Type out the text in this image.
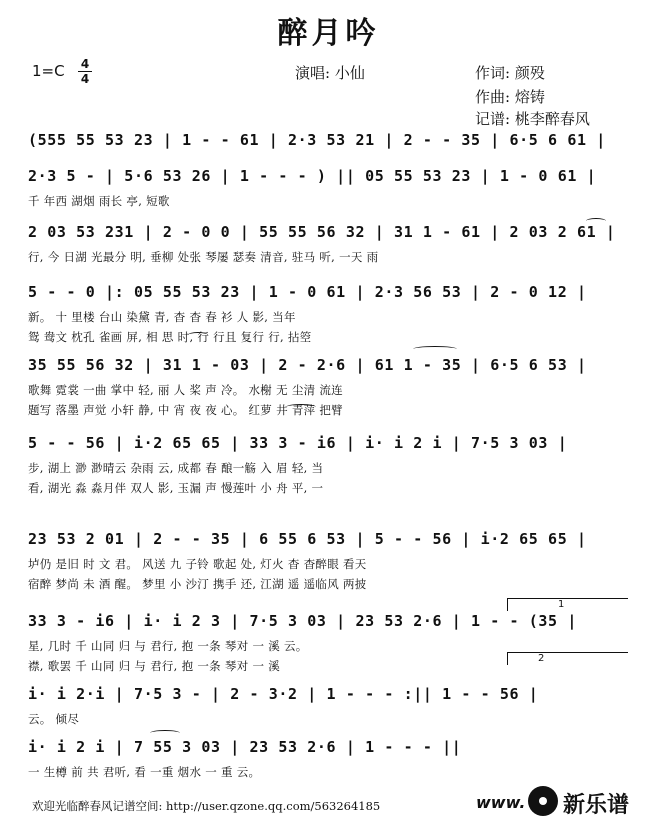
醉月吟
1=C 4
4	演唱: 小仙	作词: 颜殁
作曲: 熔铸
记谱: 桃李醉春风
(555 55 53 23 | 1 - - 61 | 2·3 53 21 | 2 - - 35 | 6·5 6 61 |
2·3 5 - | 5·6 53 26 | 1 - - - ) || 05 55 53 23 | 1 - 0 61 |
千 年西 湖烟 雨长 亭, 短歌
2 03 53 231 | 2 - 0 0 | 55 55 56 32 | 31 1 - 61 | 2 03 2 61 |
行, 今 日湖 光最分 明, 垂柳 处张 琴屡 瑟奏 清音, 驻马 听, 一天 雨
5 - - 0 |: 05 55 53 23 | 1 - 0 61 | 2·3 56 53 | 2 - 0 12 |
新。 十 里楼 台山 染黛 青, 杳 杳 春 衫 人 影, 当年
鸳 鸯文 枕孔 雀画 屏, 相 思 时, 行 行且 复行 行, 拈箜
35 55 56 32 | 31 1 - 03 | 2 - 2·6 | 61 1 - 35 | 6·5 6 53 |
歌舞 霓裳 一曲 掌中 轻, 丽 人 桨 声 冷。 水榭 无 尘清 流连
题写 落墨 声觉 小轩 静, 中 宵 夜 夜 心。 红萝 井 青萍 把臂
5 - - 56 | i·2 65 65 | 33 3 - i6 | i· i 2 i | 7·5 3 03 |
步, 湖上 渺 渺晴云 杂雨 云, 成都 春 酿一觞 入 眉 轻, 当
看, 湖光 淼 淼月伴 双人 影, 玉漏 声 慢莲叶 小 舟 平, 一
23 53 2 01 | 2 - - 35 | 6 55 6 53 | 5 - - 56 | i·2 65 65 |
垆仍 是旧 时 文 君。 风送 九 子铃 歌起 处, 灯火 杳 杳醉眼 看天
宿醉 梦尚 未 酒 醒。 梦里 小 沙汀 携手 还, 江湖 遥 遥临风 两披
33 3 - i6 | i· i 2 3 | 7·5 3 03 | 23 53 2·6 | 1 - - (35 |
星, 几时 千 山同 归 与 君行, 抱 一条 琴对 一 溪 云。
襟, 歌罢 千 山同 归 与 君行, 抱 一条 琴对 一 溪
i· i 2·i | 7·5 3 - | 2 - 3·2 | 1 - - - :|| 1 - - 56 |
云。 倾尽
i· i 2 i | 7 55 3 03 | 23 53 2·6 | 1 - - - ||
一 生樽 前 共 君听, 看 一重 烟水 一 重 云。
1
2
欢迎光临醉春风记谱空间: http://user.qzone.qq.com/563264185	www. 新乐谱
